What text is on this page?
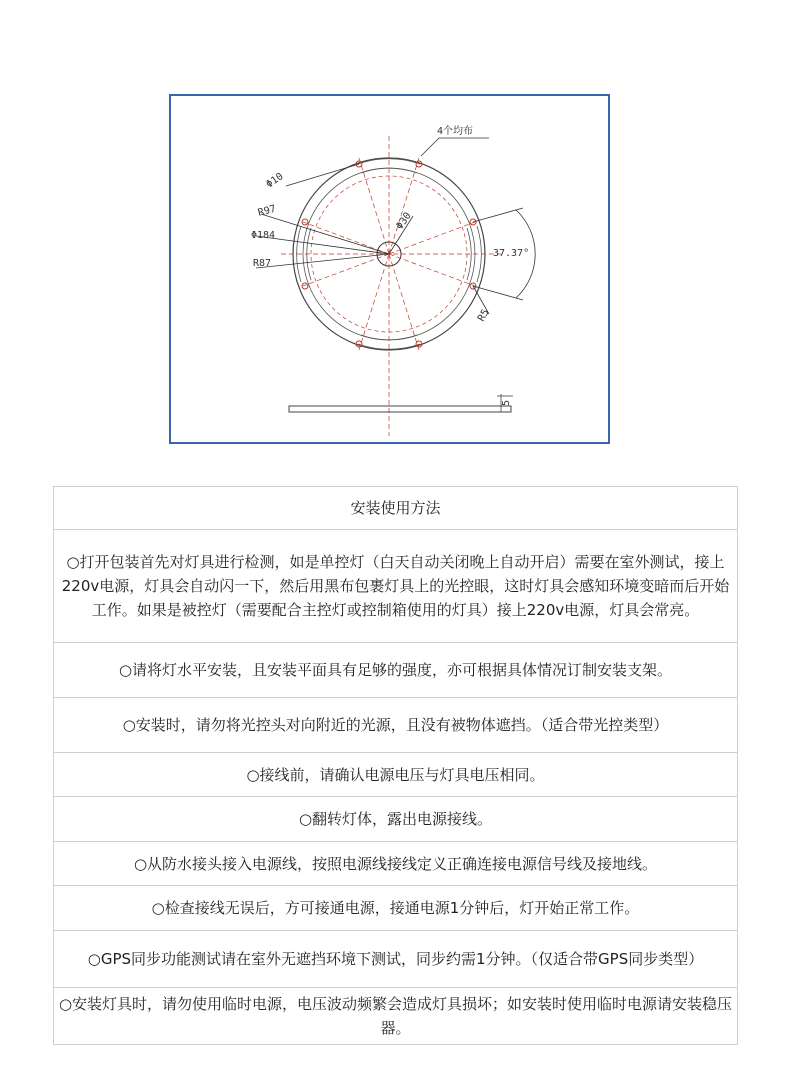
4个均布
Φ10
R97
Φ184
R87
Φ30
37.37°
R5
5
安装使用方法
○打开包装首先对灯具进行检测，如是单控灯（白天自动关闭晚上自动开启）需要在室外测试，接上220v电源，灯具会自动闪一下，然后用黑布包裹灯具上的光控眼，这时灯具会感知环境变暗而后开始工作。如果是被控灯（需要配合主控灯或控制箱使用的灯具）接上220v电源，灯具会常亮。
○请将灯水平安装，且安装平面具有足够的强度，亦可根据具体情况订制安装支架。
○安装时，请勿将光控头对向附近的光源，且没有被物体遮挡。（适合带光控类型）
○接线前，请确认电源电压与灯具电压相同。
○翻转灯体，露出电源接线。
○从防水接头接入电源线，按照电源线接线定义正确连接电源信号线及接地线。
○检查接线无误后，方可接通电源，接通电源1分钟后，灯开始正常工作。
○GPS同步功能测试请在室外无遮挡环境下测试，同步约需1分钟。（仅适合带GPS同步类型）
○安装灯具时，请勿使用临时电源，电压波动频繁会造成灯具损坏；如安装时使用临时电源请安装稳压器。
